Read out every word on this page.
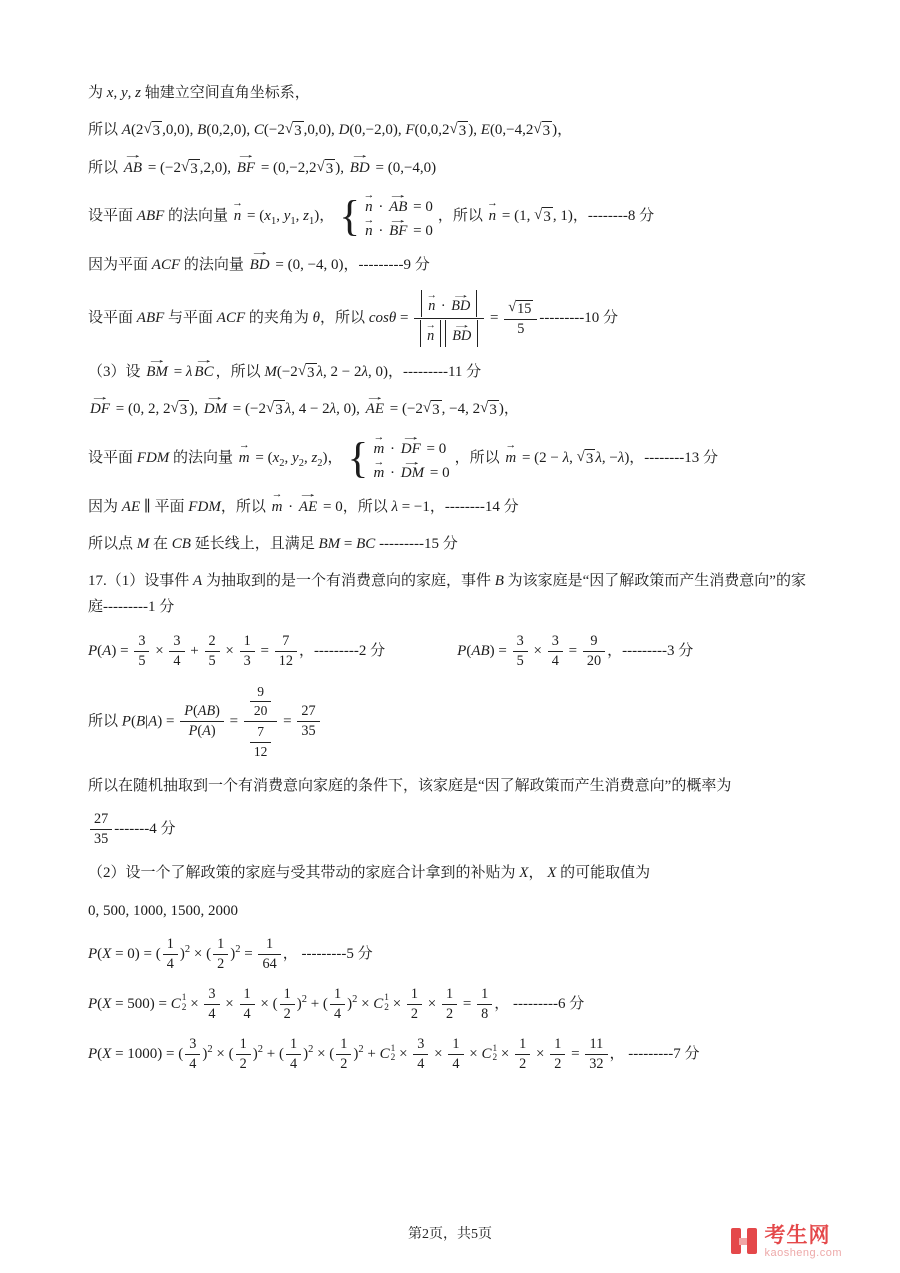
为 x, y, z 轴建立空间直角坐标系，
所以 A(2 √ 3 ,0,0), B(0,2,0), C(−2 √ 3 ,0,0), D(0,−2,0), F(0,0,2 √ 3 ), E(0,−4,2 √ 3 )，
所以 AB → = (−2 √ 3 ,2,0), BF → = (0,−2,2 √ 3 ), BD → = (0,−4,0)
设平面 ABF 的法向量 n → = ($x_1$, $y_1$, $z_1$)， { n → · AB → = 0
n → · BF → = 0
，所以 n → = (1, √ 3 , 1)，--------8 分
因为平面 ACF 的法向量 BD → = (0, −4, 0)，---------9 分
设平面 ABF 与平面 ACF 的夹角为 θ，所以 $\cos\theta = \frac{n \to \cdot BD \to}{n \to BD}$ → = $\frac{√ 15}{5} ---------10$ 分
（3）设 BM → = λ BC → ，所以 M(−2 √ 3 λ, 2 − 2λ, 0)，---------11 分
DF → = (0, 2, 2 √ 3 ), DM → = (−2 √ 3 λ, 4 − 2λ, 0), AE → = (−2 √ 3 , −4, 2 √ 3 )，
设平面 FDM 的法向量 m → = ($x_2$, $y_2$, $z_2$)， { m → · DF → = 0
m → · DM → = 0
，所以 m → = (2 − λ, √ 3 λ, −λ)，--------13 分
因为 AE ∥ 平面 FDM，所以 m → · AE → = 0，所以 λ = −1，--------14 分
所以点 M 在 CB 延长线上，且满足 BM = BC ---------15 分
17.（1）设事件 A 为抽取到的是一个有消费意向的家庭，事件 B 为该家庭是“因了解政策而产生消费意向”的家庭---------1 分
$P(A) = \frac{3}{5} \times \frac{3}{4} + \frac{2}{5} \times \frac{1}{3} = \frac{7}{12}$ ，---------2 分	$P(AB) = \frac{3}{5} \times \frac{3}{4} = \frac{9}{20}$ ，---------3 分
所以 $P(B|A) = \frac{P(AB)}{P(A)} = \frac{\frac{9}{20}}{\frac{7}{12}} = \frac{27}{35}$
所以在随机抽取到一个有消费意向家庭的条件下，该家庭是“因了解政策而产生消费意向”的概率为
$\frac{27}{35} -------4$ 分
（2）设一个了解政策的家庭与受其带动的家庭合计拿到的补贴为 X， X 的可能取值为
0, 500, 1000, 1500, 2000
P(X = 0) = ( $\frac{1}{4} )^2$ × ( $\frac{1}{2} )^2 = \frac{1}{64}$ ， ---------5 分
P(X = 500) = C 1
$2 \times \frac{3}{4} \times \frac{1}{4}$ × ( $\frac{1}{2} )^2$ + ( $\frac{1}{4} )^2 \times C$ 1
$2 \times \frac{1}{2} \times \frac{1}{2} = \frac{1}{8}$ ， ---------6 分
P(X = 1000) = ( $\frac{3}{4} )^2$ × ( $\frac{1}{2} )^2$ + ( $\frac{1}{4} )^2$ × ( $\frac{1}{2} )^2 + C$ 1
$2 \times \frac{3}{4} \times \frac{1}{4} \times C$ 1
$2 \times \frac{1}{2} \times \frac{1}{2} = \frac{11}{32}$ ， ---------7 分
第2页，共5页	考生网
kaosheng.com
